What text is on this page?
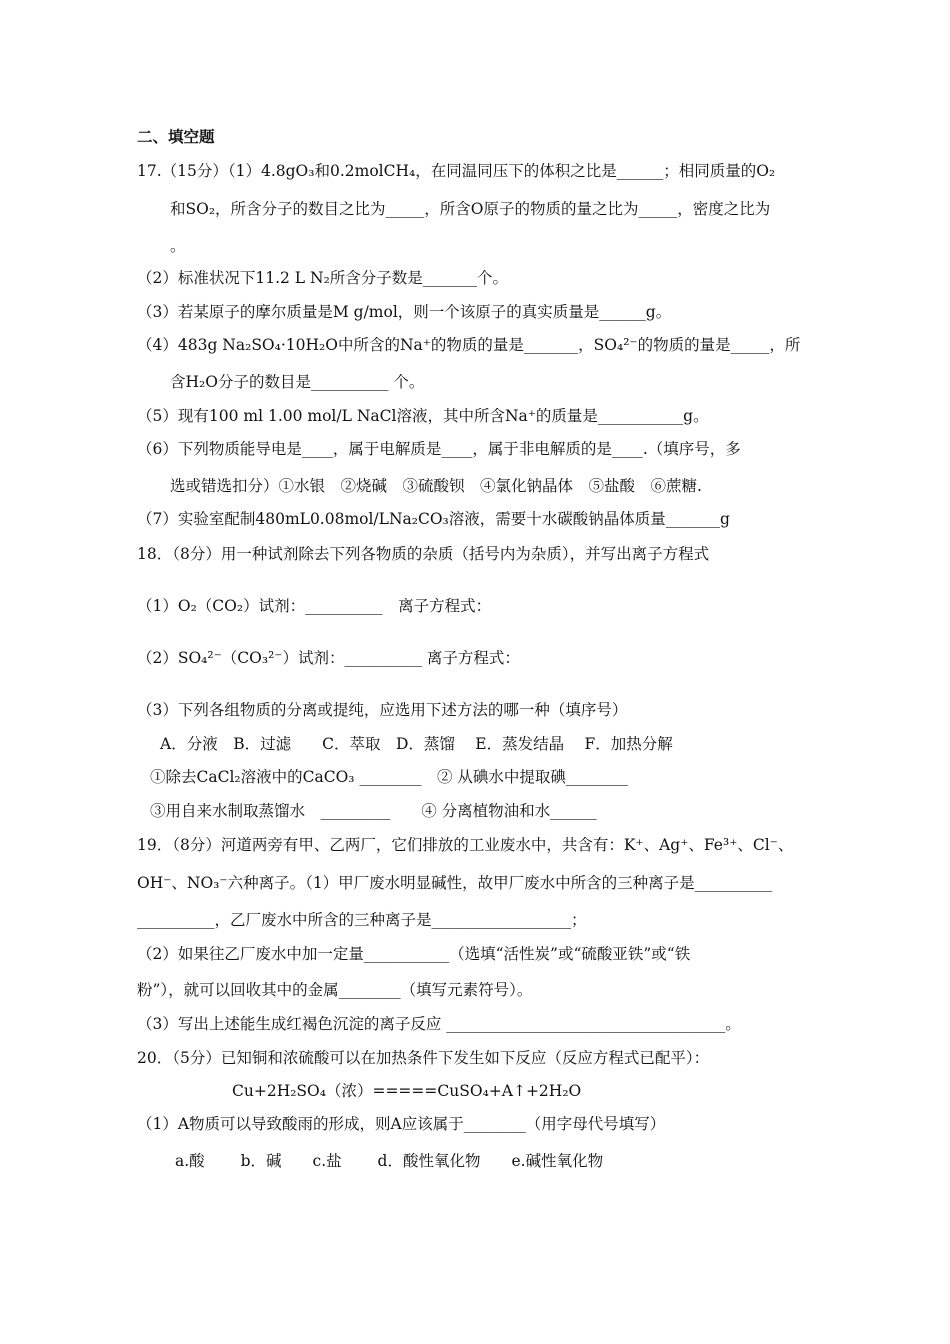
二、填空题
17.（15分）（1）4.8gO₃和0.2molCH₄，在同温同压下的体积之比是______；相同质量的O₂
和SO₂，所含分子的数目之比为_____，所含O原子的物质的量之比为_____，密度之比为
。
（2）标准状况下11.2 L N₂所含分子数是_______个。
（3）若某原子的摩尔质量是M g/mol，则一个该原子的真实质量是______g。
（4）483g Na₂SO₄·10H₂O中所含的Na⁺的物质的量是_______，SO₄²⁻的物质的量是_____，所
含H₂O分子的数目是__________ 个。
（5）现有100 ml 1.00 mol/L NaCl溶液，其中所含Na⁺的质量是___________g。
（6）下列物质能导电是____，属于电解质是____，属于非电解质的是____.（填序号，多
选或错选扣分）①水银　②烧碱　③硫酸钡　④氯化钠晶体　⑤盐酸　⑥蔗糖.
（7）实验室配制480mL0.08mol/LNa₂CO₃溶液，需要十水碳酸钠晶体质量_______g
18．（8分）用一种试剂除去下列各物质的杂质（括号内为杂质），并写出离子方程式
（1）O₂（CO₂）试剂：__________　离子方程式：
（2）SO₄²⁻（CO₃²⁻）试剂：__________ 离子方程式：
（3）下列各组物质的分离或提纯，应选用下述方法的哪一种（填序号）
A．分液　B．过滤　　C．萃取　D．蒸馏　 E．蒸发结晶　 F．加热分解
①除去CaCl₂溶液中的CaCO₃ ________　② 从碘水中提取碘________
③用自来水制取蒸馏水　_________　　④ 分离植物油和水______
19．（8分）河道两旁有甲、乙两厂，它们排放的工业废水中，共含有：K⁺、Ag⁺、Fe³⁺、Cl⁻、
OH⁻、NO₃⁻六种离子。（1）甲厂废水明显碱性，故甲厂废水中所含的三种离子是__________
__________，乙厂废水中所含的三种离子是__________________；
（2）如果往乙厂废水中加一定量___________（选填“活性炭”或“硫酸亚铁”或“铁
粉”），就可以回收其中的金属________（填写元素符号）。
（3）写出上述能生成红褐色沉淀的离子反应 ____________________________________。
20．（5分）已知铜和浓硫酸可以在加热条件下发生如下反应（反应方程式已配平）：
Cu+2H₂SO₄（浓）=====CuSO₄+A↑+2H₂O
（1）A物质可以导致酸雨的形成，则A应该属于________（用字母代号填写）
a.酸　　 b．碱　　c.盐　　 d．酸性氧化物　　e.碱性氧化物
